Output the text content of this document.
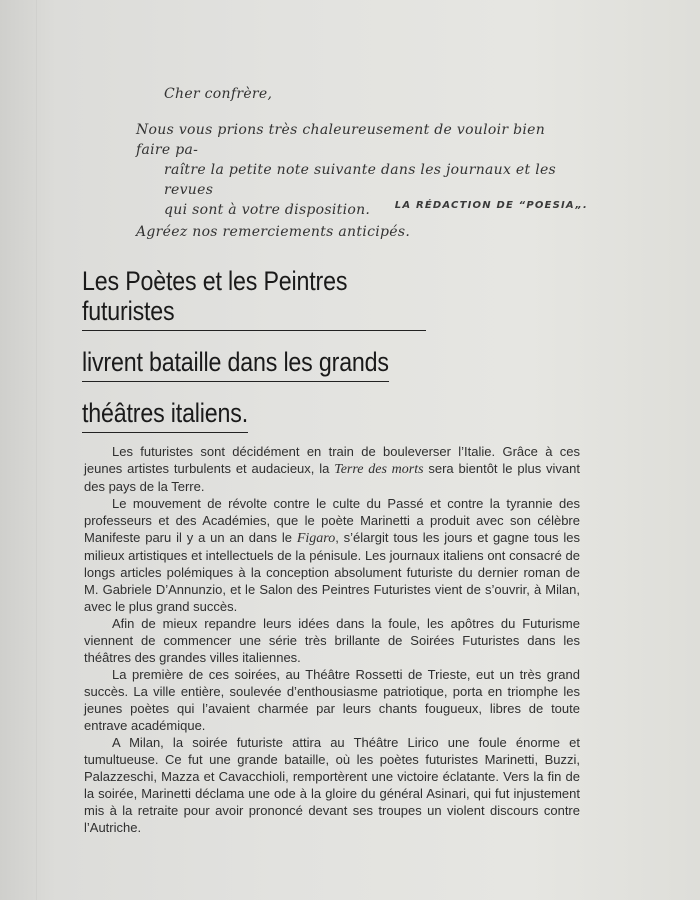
Cher confrère,
Nous vous prions très chaleureusement de vouloir bien faire pa-
raître la petite note suivante dans les journaux et les revues
qui sont à votre disposition.
Agréez nos remerciements anticipés.
LA RÉDACTION DE “POESIA„.
Les Poètes et les Peintres futuristes
livrent bataille dans les grands
théâtres italiens.

Les futuristes sont décidément en train de bouleverser l’Italie. Grâce à ces jeunes artistes turbulents et audacieux, la Terre des morts sera bientôt le plus vivant des pays de la Terre.

Le mouvement de révolte contre le culte du Passé et contre la tyrannie des professeurs et des Académies, que le poète Marinetti a produit avec son célèbre Manifeste paru il y a un an dans le Figaro, s’élargit tous les jours et gagne tous les milieux artistiques et intellectuels de la pénisule. Les journaux italiens ont consacré de longs articles polémiques à la conception absolument futuriste du dernier roman de M. Gabriele D’Annunzio, et le Salon des Peintres Futuristes vient de s’ouvrir, à Milan, avec le plus grand succès.

Afin de mieux repandre leurs idées dans la foule, les apôtres du Futurisme viennent de commencer une série très brillante de Soirées Futuristes dans les théâtres des grandes villes italiennes.

La première de ces soirées, au Théâtre Rossetti de Trieste, eut un très grand succès. La ville entière, soulevée d’enthousiasme patriotique, porta en triomphe les jeunes poètes qui l’avaient charmée par leurs chants fougueux, libres de toute entrave académique.

A Milan, la soirée futuriste attira au Théâtre Lirico une foule énorme et tumultueuse. Ce fut une grande bataille, où les poètes futuristes Marinetti, Buzzi, Palazzeschi, Mazza et Cavacchioli, remportèrent une victoire éclatante. Vers la fin de la soirée, Marinetti déclama une ode à la gloire du général Asinari, qui fut injustement mis à la retraite pour avoir prononcé devant ses troupes un violent discours contre l’Autriche.
